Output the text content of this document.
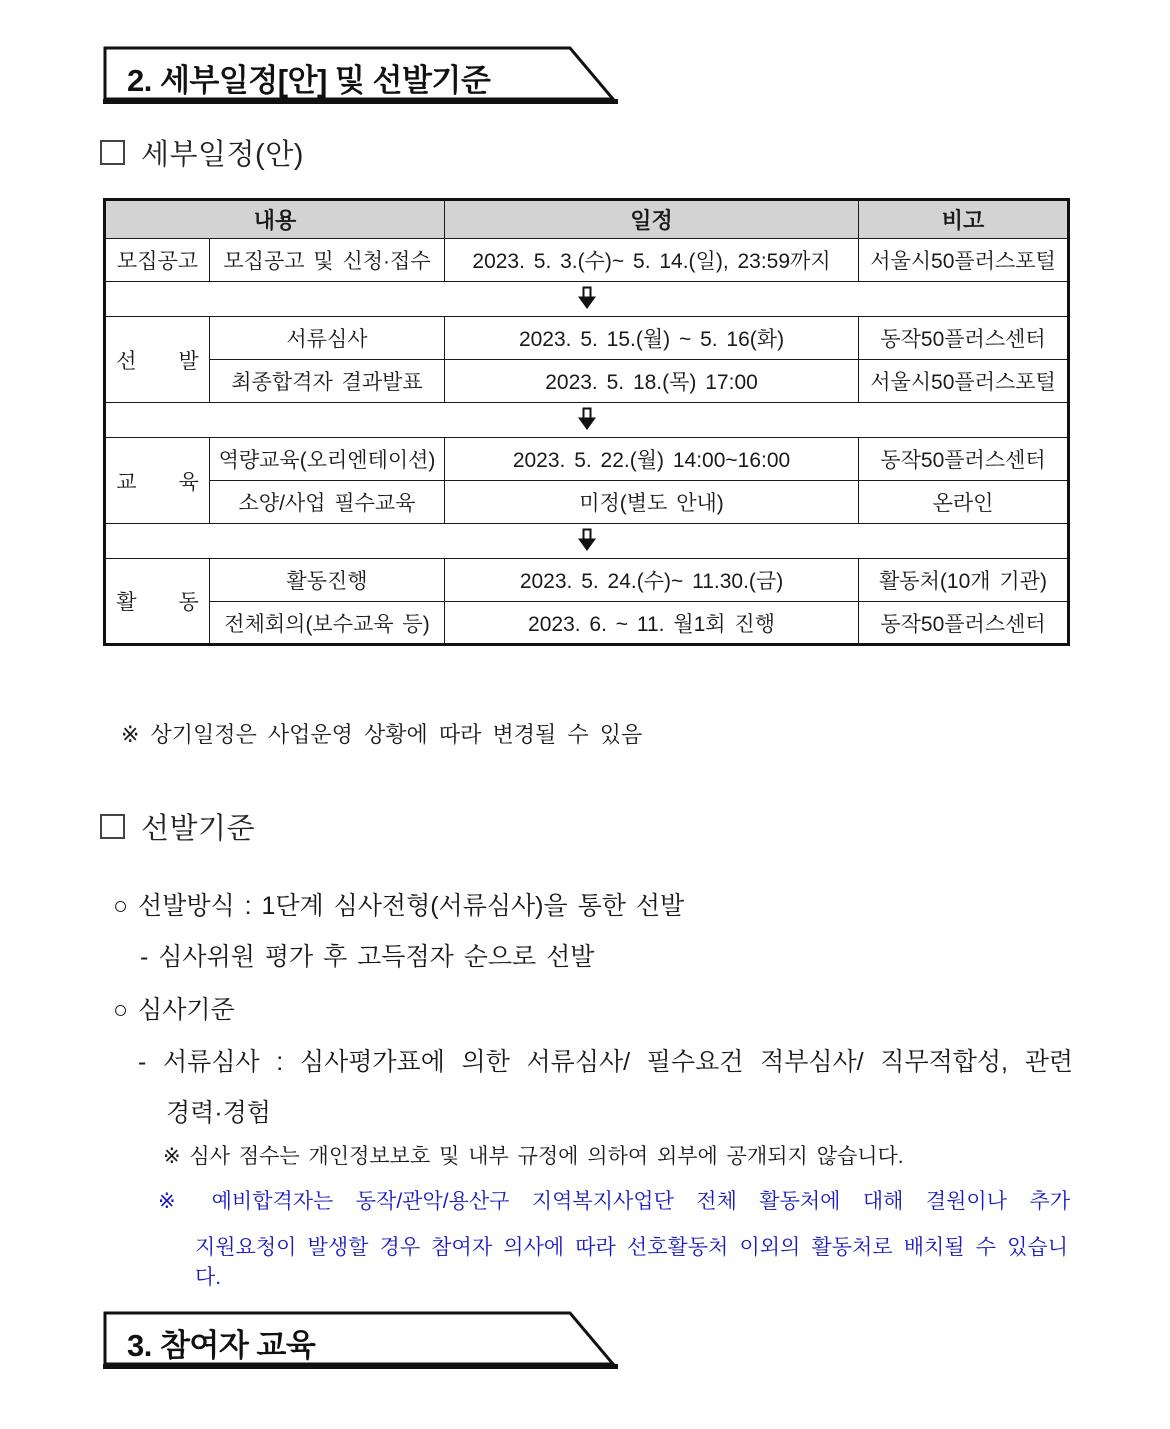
2. 세부일정[안] 및 선발기준
세부일정(안)
내용		일정	비고
모집공고	모집공고 및 신청·접수	2023. 5. 3.(수)~ 5. 14.(일), 23:59까지	서울시50플러스포털

선　　발	서류심사	2023. 5. 15.(월) ~ 5. 16(화)	동작50플러스센터
	최종합격자 결과발표	2023. 5. 18.(목) 17:00	서울시50플러스포털

교　　육	역량교육(오리엔테이션)	2023. 5. 22.(월) 14:00~16:00	동작50플러스센터
	소양/사업 필수교육	미정(별도 안내)	온라인

활　　동	활동진행	2023. 5. 24.(수)~ 11.30.(금)	활동처(10개 기관)
	전체회의(보수교육 등)	2023. 6. ~ 11. 월1회 진행	동작50플러스센터
※ 상기일정은 사업운영 상황에 따라 변경될 수 있음
선발기준
○ 선발방식 : 1단계 심사전형(서류심사)을 통한 선발
- 심사위원 평가 후 고득점자 순으로 선발
○ 심사기준
- 서류심사 : 심사평가표에 의한 서류심사/ 필수요건 적부심사/ 직무적합성, 관련
경력·경험
※ 심사 점수는 개인정보보호 및 내부 규정에 의하여 외부에 공개되지 않습니다.
※ 예비합격자는 동작/관악/용산구 지역복지사업단 전체 활동처에 대해 결원이나 추가
지원요청이 발생할 경우 참여자 의사에 따라 선호활동처 이외의 활동처로 배치될 수 있습니다.
3. 참여자 교육
